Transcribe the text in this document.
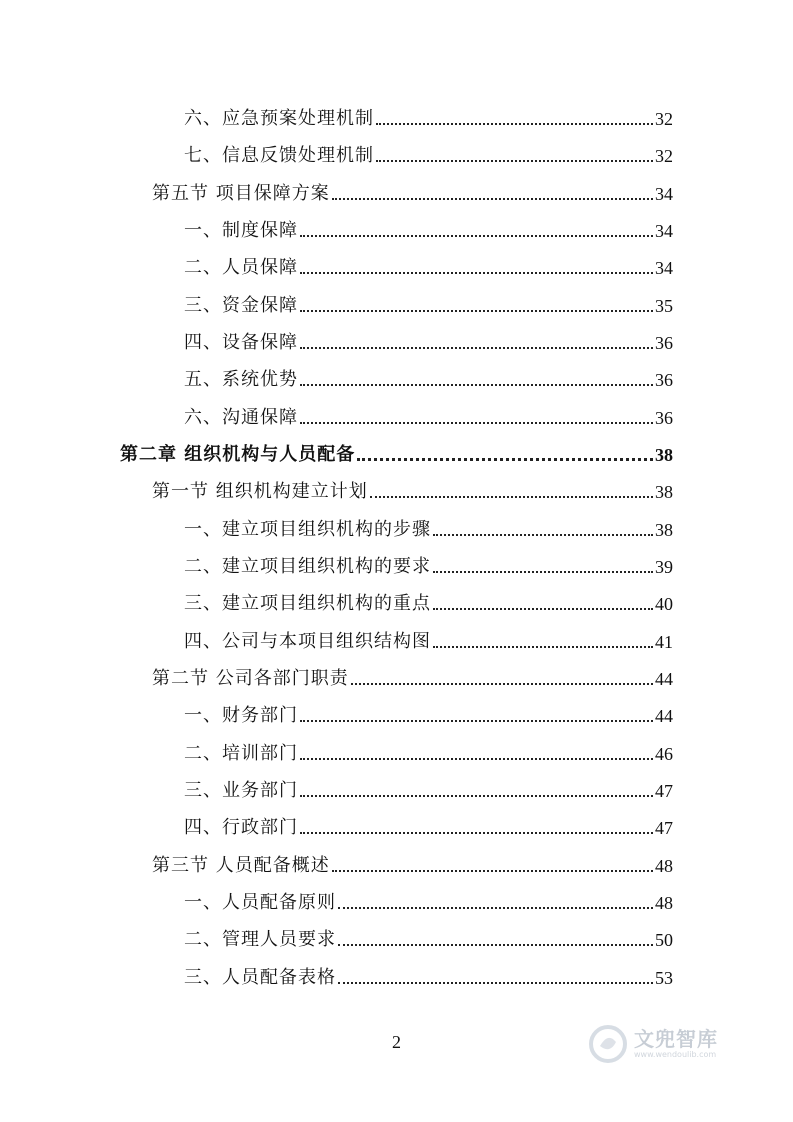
六、应急预案处理机制	32
七、信息反馈处理机制	32
第五节 项目保障方案	34
一、制度保障	34
二、人员保障	34
三、资金保障	35
四、设备保障	36
五、系统优势	36
六、沟通保障	36
第二章 组织机构与人员配备	38
第一节 组织机构建立计划	38
一、建立项目组织机构的步骤	38
二、建立项目组织机构的要求	39
三、建立项目组织机构的重点	40
四、公司与本项目组织结构图	41
第二节 公司各部门职责	44
一、财务部门	44
二、培训部门	46
三、业务部门	47
四、行政部门	47
第三节 人员配备概述	48
一、人员配备原则	48
二、管理人员要求	50
三、人员配备表格	53
2	文兜智库
www.wendoulib.com
